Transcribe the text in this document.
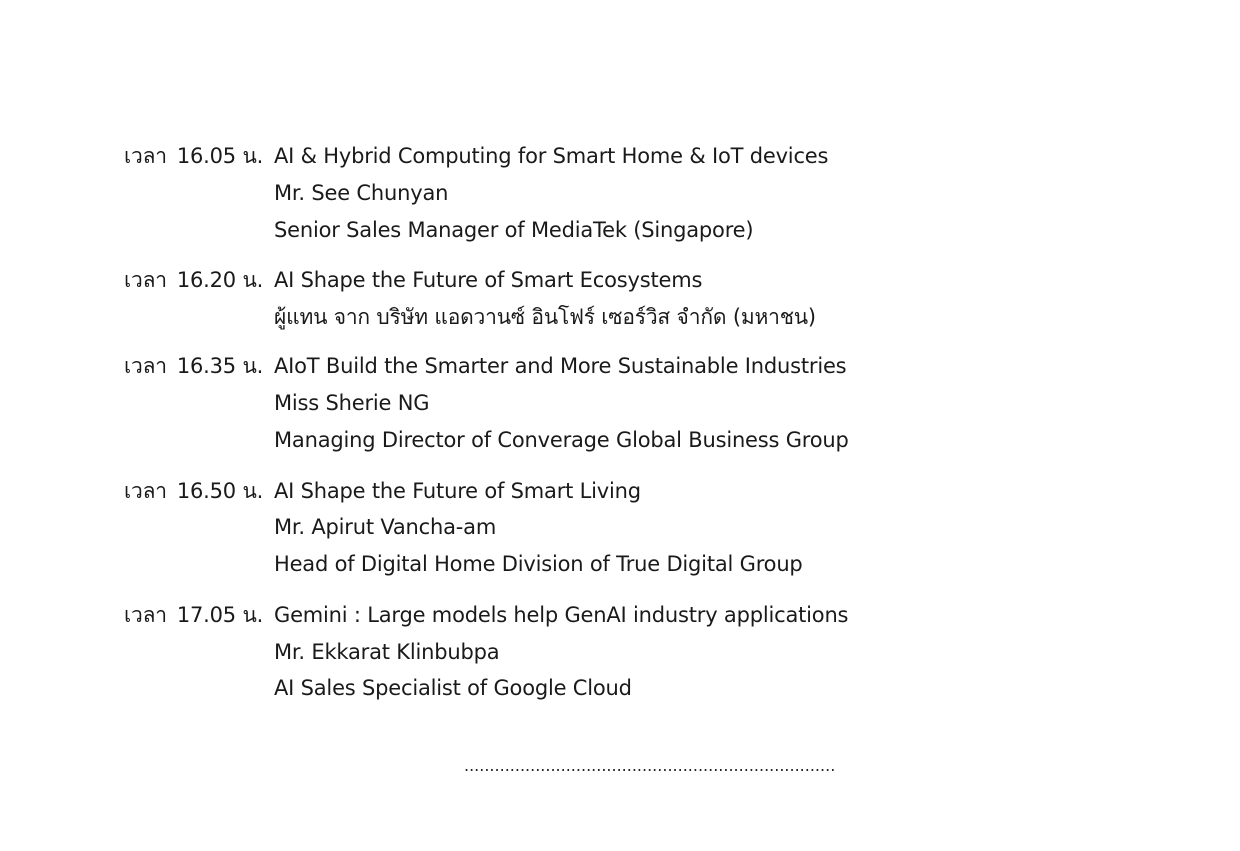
เวลา 16.05 น. AI & Hybrid Computing for Smart Home & IoT devices
Mr. See Chunyan
Senior Sales Manager of MediaTek (Singapore)
เวลา 16.20 น. AI Shape the Future of Smart Ecosystems
ผู้แทน จาก บริษัท แอดวานซ์ อินโฟร์ เซอร์วิส จำกัด (มหาชน)
เวลา 16.35 น. AIoT Build the Smarter and More Sustainable Industries
Miss Sherie NG
Managing Director of Converage Global Business Group
เวลา 16.50 น. AI Shape the Future of Smart Living
Mr. Apirut Vancha-am
Head of Digital Home Division of True Digital Group
เวลา 17.05 น. Gemini : Large models help GenAI industry applications
Mr. Ekkarat Klinbubpa
AI Sales Specialist of Google Cloud
.........................................................................
